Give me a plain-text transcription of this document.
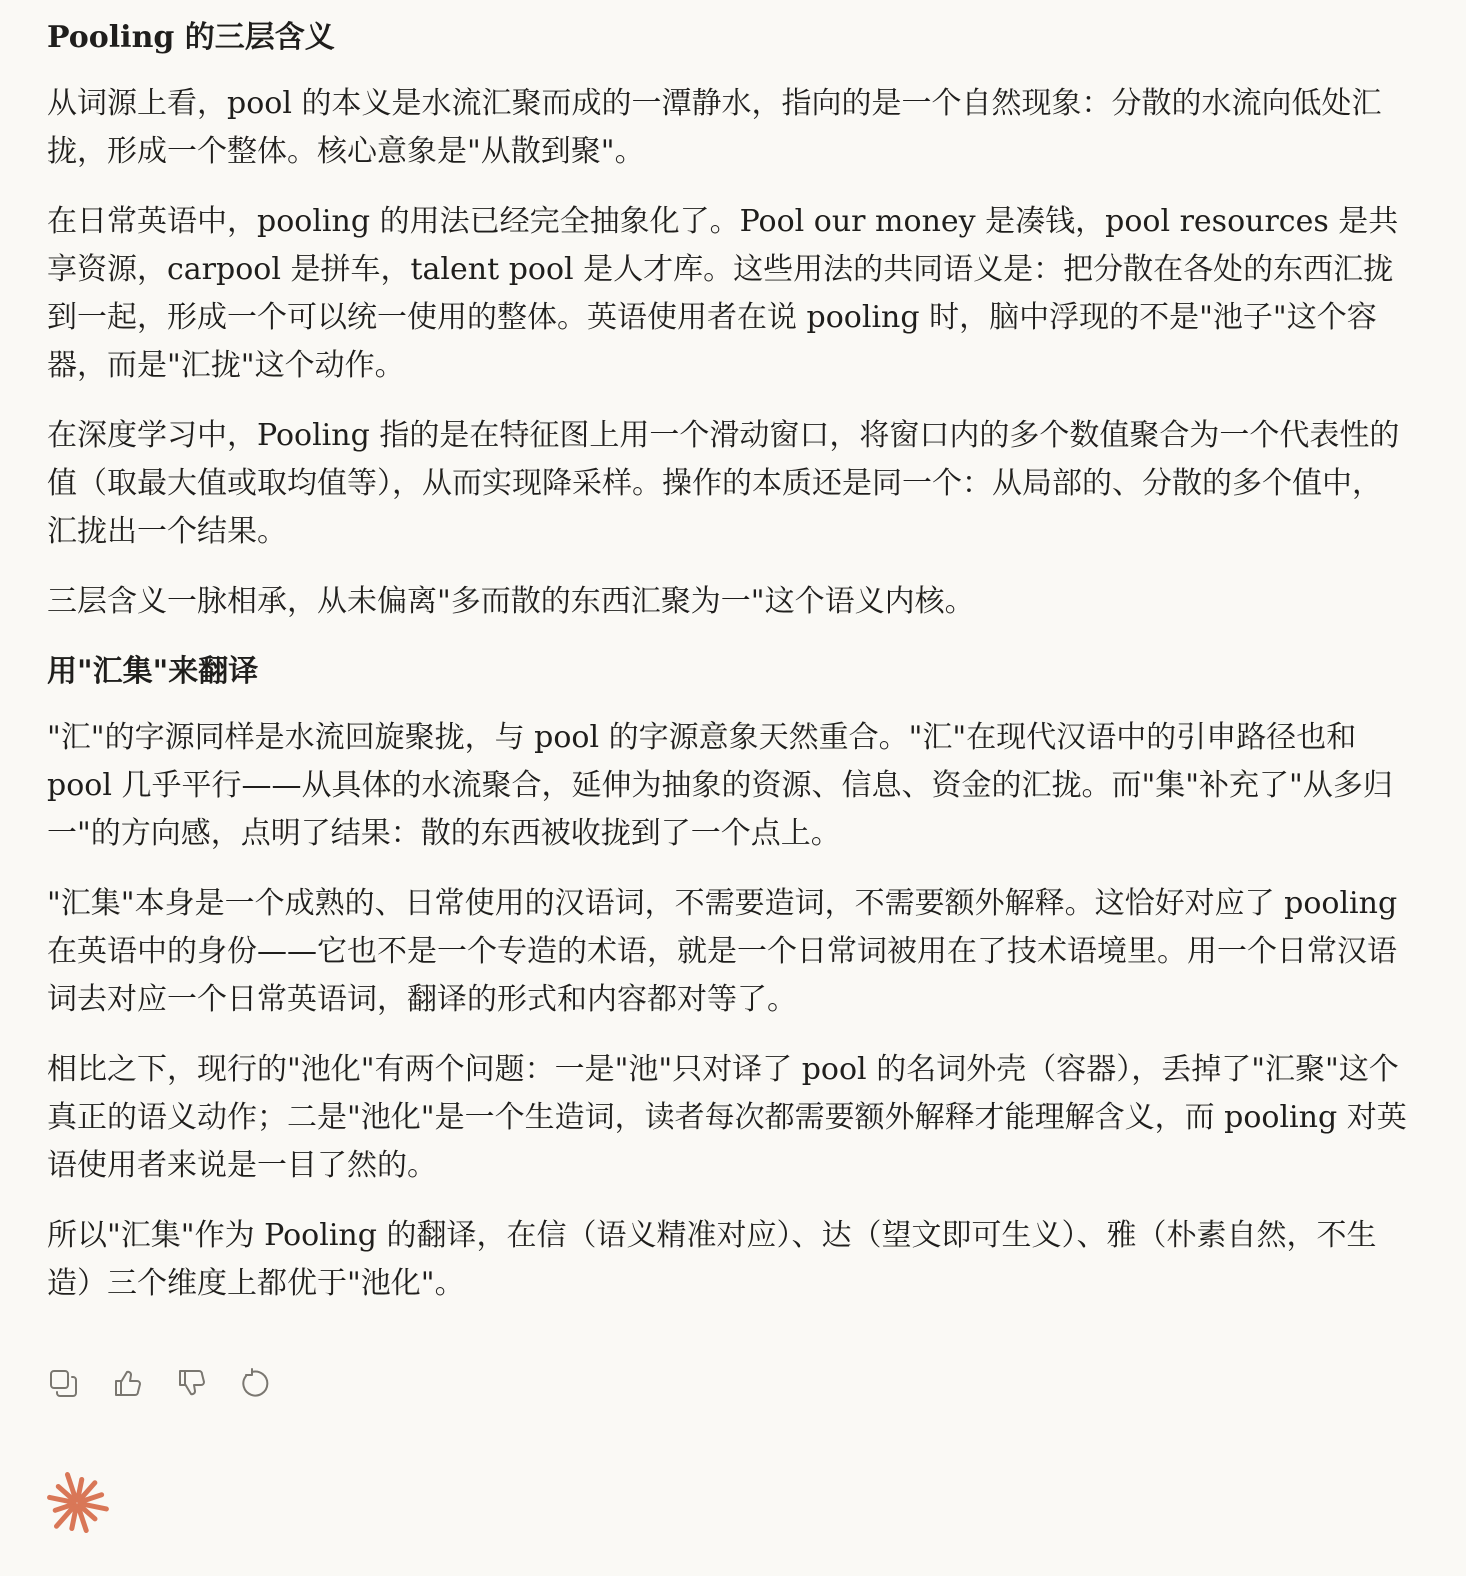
Pooling 的三层含义
从词源上看，pool 的本义是水流汇聚而成的一潭静水，指向的是一个自然现象：分散的水流向低处汇拢，形成一个整体。核心意象是"从散到聚"。
在日常英语中，pooling 的用法已经完全抽象化了。Pool our money 是凑钱，pool resources 是共享资源，carpool 是拼车，talent pool 是人才库。这些用法的共同语义是：把分散在各处的东西汇拢到一起，形成一个可以统一使用的整体。英语使用者在说 pooling 时，脑中浮现的不是"池子"这个容器，而是"汇拢"这个动作。
在深度学习中，Pooling 指的是在特征图上用一个滑动窗口，将窗口内的多个数值聚合为一个代表性的值（取最大值或取均值等），从而实现降采样。操作的本质还是同一个：从局部的、分散的多个值中，汇拢出一个结果。
三层含义一脉相承，从未偏离"多而散的东西汇聚为一"这个语义内核。
用"汇集"来翻译
"汇"的字源同样是水流回旋聚拢，与 pool 的字源意象天然重合。"汇"在现代汉语中的引申路径也和 pool 几乎平行——从具体的水流聚合，延伸为抽象的资源、信息、资金的汇拢。而"集"补充了"从多归一"的方向感，点明了结果：散的东西被收拢到了一个点上。
"汇集"本身是一个成熟的、日常使用的汉语词，不需要造词，不需要额外解释。这恰好对应了 pooling 在英语中的身份——它也不是一个专造的术语，就是一个日常词被用在了技术语境里。用一个日常汉语词去对应一个日常英语词，翻译的形式和内容都对等了。
相比之下，现行的"池化"有两个问题：一是"池"只对译了 pool 的名词外壳（容器），丢掉了"汇聚"这个真正的语义动作；二是"池化"是一个生造词，读者每次都需要额外解释才能理解含义，而 pooling 对英语使用者来说是一目了然的。
所以"汇集"作为 Pooling 的翻译，在信（语义精准对应）、达（望文即可生义）、雅（朴素自然，不生造）三个维度上都优于"池化"。
